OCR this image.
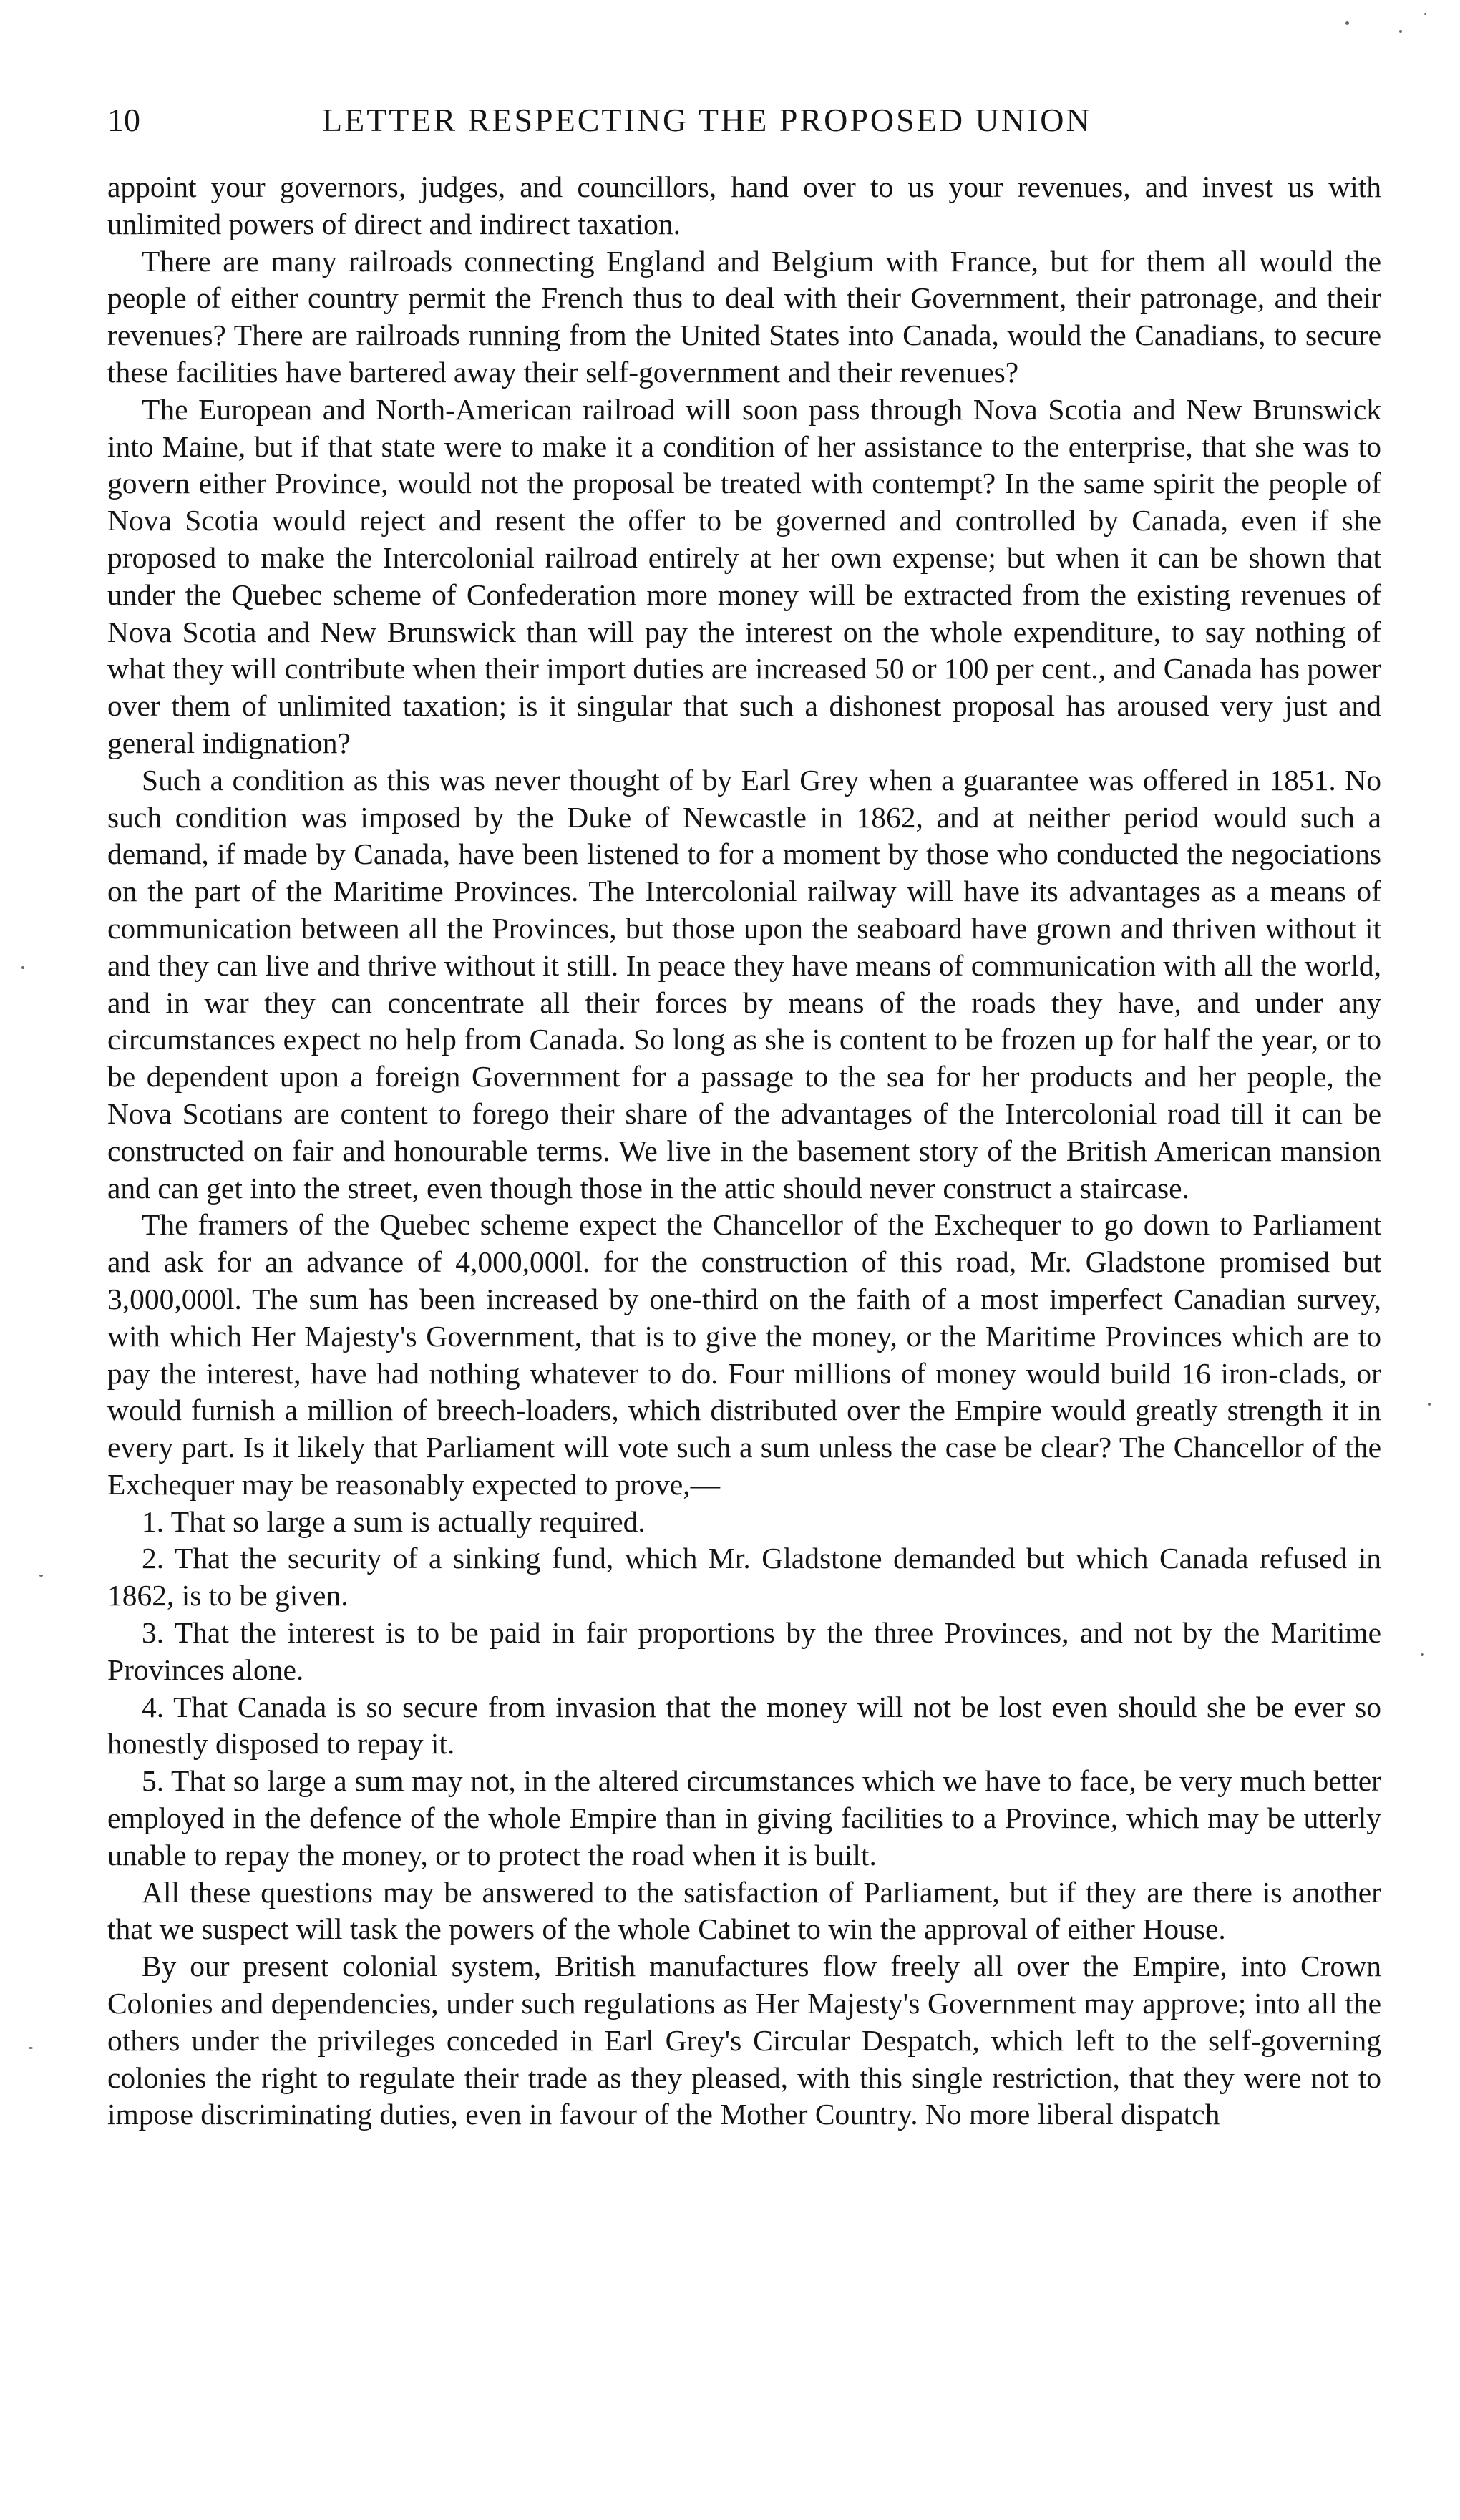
10	LETTER RESPECTING THE PROPOSED UNION

appoint your governors, judges, and councillors, hand over to us your revenues, and invest us with unlimited powers of direct and indirect taxation.

There are many railroads connecting England and Belgium with France, but for them all would the people of either country permit the French thus to deal with their Government, their patronage, and their revenues? There are railroads running from the United States into Canada, would the Canadians, to secure these facilities have bartered away their self-government and their revenues?

The European and North-American railroad will soon pass through Nova Scotia and New Brunswick into Maine, but if that state were to make it a condition of her assistance to the enterprise, that she was to govern either Province, would not the proposal be treated with contempt? In the same spirit the people of Nova Scotia would reject and resent the offer to be governed and controlled by Canada, even if she proposed to make the Intercolonial railroad entirely at her own expense; but when it can be shown that under the Quebec scheme of Confederation more money will be extracted from the existing revenues of Nova Scotia and New Brunswick than will pay the interest on the whole expenditure, to say nothing of what they will contribute when their import duties are increased 50 or 100 per cent., and Canada has power over them of unlimited taxation; is it singular that such a dishonest proposal has aroused very just and general indignation?

Such a condition as this was never thought of by Earl Grey when a guarantee was offered in 1851. No such condition was imposed by the Duke of Newcastle in 1862, and at neither period would such a demand, if made by Canada, have been listened to for a moment by those who conducted the negociations on the part of the Maritime Provinces. The Intercolonial railway will have its advantages as a means of communication between all the Provinces, but those upon the seaboard have grown and thriven without it and they can live and thrive without it still. In peace they have means of communication with all the world, and in war they can concentrate all their forces by means of the roads they have, and under any circumstances expect no help from Canada. So long as she is content to be frozen up for half the year, or to be dependent upon a foreign Government for a passage to the sea for her products and her people, the Nova Scotians are content to forego their share of the advantages of the Intercolonial road till it can be constructed on fair and honourable terms. We live in the basement story of the British American mansion and can get into the street, even though those in the attic should never construct a staircase.

The framers of the Quebec scheme expect the Chancellor of the Exchequer to go down to Parliament and ask for an advance of 4,000,000l. for the construction of this road, Mr. Gladstone promised but 3,000,000l. The sum has been increased by one-third on the faith of a most imperfect Canadian survey, with which Her Majesty's Government, that is to give the money, or the Maritime Provinces which are to pay the interest, have had nothing whatever to do. Four millions of money would build 16 iron-clads, or would furnish a million of breech-loaders, which distributed over the Empire would greatly strength it in every part. Is it likely that Parliament will vote such a sum unless the case be clear? The Chancellor of the Exchequer may be reasonably expected to prove,—

1. That so large a sum is actually required.

2. That the security of a sinking fund, which Mr. Gladstone demanded but which Canada refused in 1862, is to be given.

3. That the interest is to be paid in fair proportions by the three Provinces, and not by the Maritime Provinces alone.

4. That Canada is so secure from invasion that the money will not be lost even should she be ever so honestly disposed to repay it.

5. That so large a sum may not, in the altered circumstances which we have to face, be very much better employed in the defence of the whole Empire than in giving facilities to a Province, which may be utterly unable to repay the money, or to protect the road when it is built.

All these questions may be answered to the satisfaction of Parliament, but if they are there is another that we suspect will task the powers of the whole Cabinet to win the approval of either House.

By our present colonial system, British manufactures flow freely all over the Empire, into Crown Colonies and dependencies, under such regulations as Her Majesty's Government may approve; into all the others under the privileges conceded in Earl Grey's Circular Despatch, which left to the self-governing colonies the right to regulate their trade as they pleased, with this single restriction, that they were not to impose discriminating duties, even in favour of the Mother Country. No more liberal dispatch
